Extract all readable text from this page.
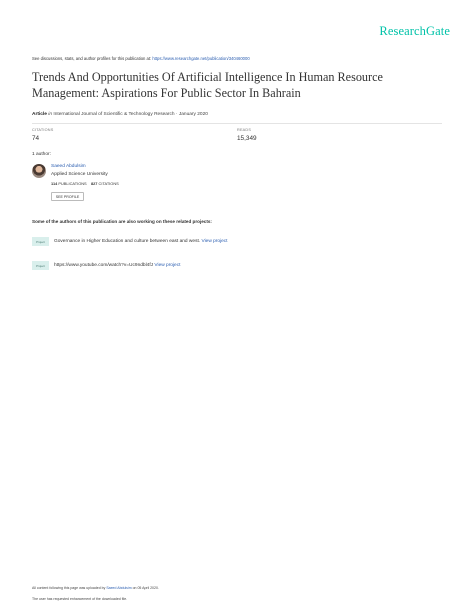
ResearchGate
See discussions, stats, and author profiles for this publication at: https://www.researchgate.net/publication/340460000
Trends And Opportunities Of Artificial Intelligence In Human Resource Management: Aspirations For Public Sector In Bahrain
Article in International Journal of Scientific & Technology Research · January 2020
CITATIONS
74
READS
15,349
1 author:
Saeed Abdulsim
Applied Science University
114 PUBLICATIONS 827 CITATIONS
SEE PROFILE
Some of the authors of this publication are also working on these related projects:
Project	Governance in Higher Education and culture between east and west. View project
Project	https://www.youtube.com/watch?v=Uc9ndbl4fJ View project
All content following this page was uploaded by Saeed Abdulsim on 05 April 2020.
The user has requested enhancement of the downloaded file.
